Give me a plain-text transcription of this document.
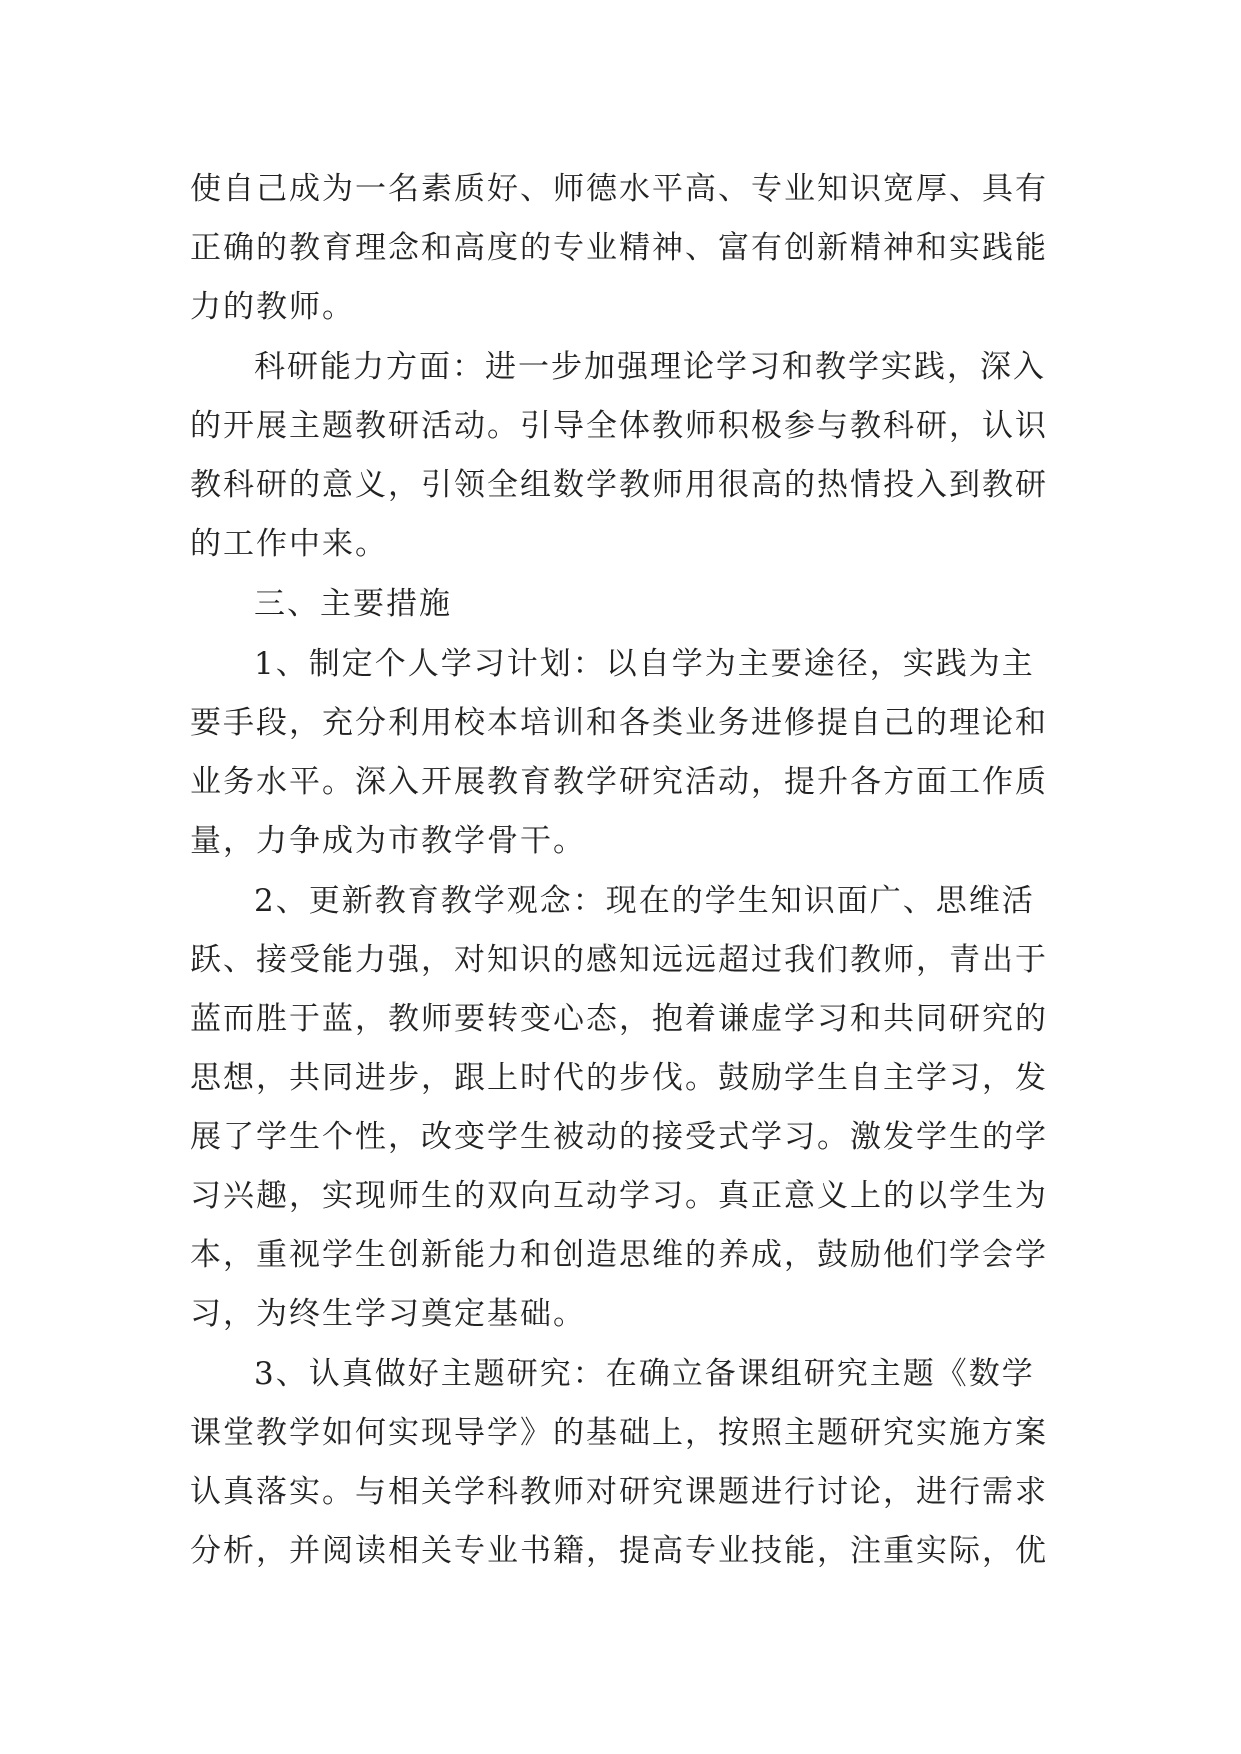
使自己成为一名素质好、师德水平高、专业知识宽厚、具有
正确的教育理念和高度的专业精神、富有创新精神和实践能
力的教师。
科研能力方面：进一步加强理论学习和教学实践，深入
的开展主题教研活动。引导全体教师积极参与教科研，认识
教科研的意义，引领全组数学教师用很高的热情投入到教研
的工作中来。
三、主要措施
1、制定个人学习计划：以自学为主要途径，实践为主
要手段，充分利用校本培训和各类业务进修提自己的理论和
业务水平。深入开展教育教学研究活动，提升各方面工作质
量，力争成为市教学骨干。
2、更新教育教学观念：现在的学生知识面广、思维活
跃、接受能力强，对知识的感知远远超过我们教师，青出于
蓝而胜于蓝，教师要转变心态，抱着谦虚学习和共同研究的
思想，共同进步，跟上时代的步伐。鼓励学生自主学习，发
展了学生个性，改变学生被动的接受式学习。激发学生的学
习兴趣，实现师生的双向互动学习。真正意义上的以学生为
本，重视学生创新能力和创造思维的养成，鼓励他们学会学
习，为终生学习奠定基础。
3、认真做好主题研究：在确立备课组研究主题《数学
课堂教学如何实现导学》的基础上，按照主题研究实施方案
认真落实。与相关学科教师对研究课题进行讨论，进行需求
分析，并阅读相关专业书籍，提高专业技能，注重实际，优
